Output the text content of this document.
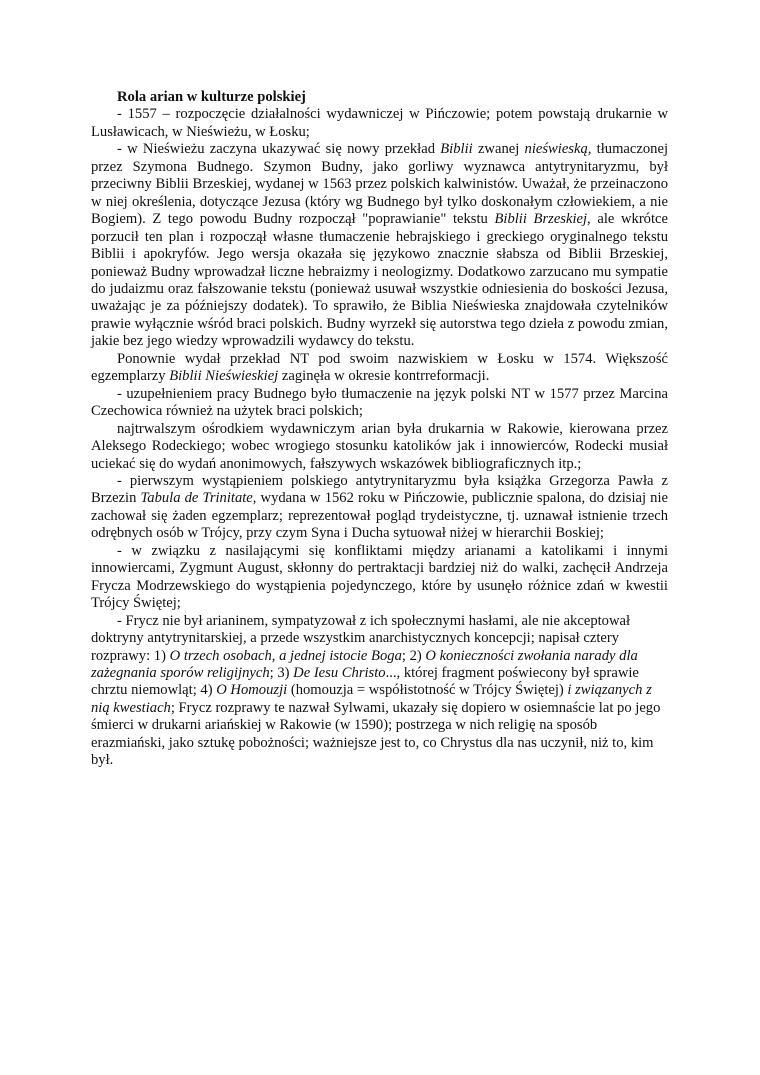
Rola arian w kulturze polskiej

- 1557 – rozpoczęcie działalności wydawniczej w Pińczowie; potem powstają drukarnie w Lusławicach, w Nieświeżu, w Łosku;

- w Nieświeżu zaczyna ukazywać się nowy przekład Biblii zwanej nieświeską, tłumaczonej przez Szymona Budnego. Szymon Budny, jako gorliwy wyznawca antytrynitaryzmu, był przeciwny Biblii Brzeskiej, wydanej w 1563 przez polskich kalwinistów. Uważał, że przeinaczono w niej określenia, dotyczące Jezusa (który wg Budnego był tylko doskonałym człowiekiem, a nie Bogiem). Z tego powodu Budny rozpoczął "poprawianie" tekstu Biblii Brzeskiej, ale wkrótce porzucił ten plan i rozpoczął własne tłumaczenie hebrajskiego i greckiego oryginalnego tekstu Biblii i apokryfów. Jego wersja okazała się językowo znacznie słabsza od Biblii Brzeskiej, ponieważ Budny wprowadzał liczne hebraizmy i neologizmy. Dodatkowo zarzucano mu sympatie do judaizmu oraz fałszowanie tekstu (ponieważ usuwał wszystkie odniesienia do boskości Jezusa, uważając je za późniejszy dodatek). To sprawiło, że Biblia Nieświeska znajdowała czytelników prawie wyłącznie wśród braci polskich. Budny wyrzekł się autorstwa tego dzieła z powodu zmian, jakie bez jego wiedzy wprowadzili wydawcy do tekstu.

Ponownie wydał przekład NT pod swoim nazwiskiem w Łosku w 1574. Większość egzemplarzy Biblii Nieświeskiej zaginęła w okresie kontrreformacji.

- uzupełnieniem pracy Budnego było tłumaczenie na język polski NT w 1577 przez Marcina Czechowica również na użytek braci polskich;

najtrwalszym ośrodkiem wydawniczym arian była drukarnia w Rakowie, kierowana przez Aleksego Rodeckiego; wobec wrogiego stosunku katolików jak i innowierców, Rodecki musiał uciekać się do wydań anonimowych, fałszywych wskazówek bibliograficznych itp.;

- pierwszym wystąpieniem polskiego antytrynitaryzmu była książka Grzegorza Pawła z Brzezin Tabula de Trinitate, wydana w 1562 roku w Pińczowie, publicznie spalona, do dzisiaj nie zachował się żaden egzemplarz; reprezentował pogląd trydeistyczne, tj. uznawał istnienie trzech odrębnych osób w Trójcy, przy czym Syna i Ducha sytuował niżej w hierarchii Boskiej;

- w związku z nasilającymi się konfliktami między arianami a katolikami i innymi innowiercami, Zygmunt August, skłonny do pertraktacji bardziej niż do walki, zachęcił Andrzeja Frycza Modrzewskiego do wystąpienia pojedynczego, które by usunęło różnice zdań w kwestii Trójcy Świętej;

- Frycz nie był arianinem, sympatyzował z ich społecznymi hasłami, ale nie akceptował doktryny antytrynitarskiej, a przede wszystkim anarchistycznych koncepcji; napisał cztery rozprawy: 1) O trzech osobach, a jednej istocie Boga; 2) O konieczności zwołania narady dla zażegnania sporów religijnych; 3) De Iesu Christo..., której fragment poświecony był sprawie chrztu niemowląt; 4) O Homouzji (homouzja = współistotność w Trójcy Świętej) i związanych z nią kwestiach; Frycz rozprawy te nazwał Sylwami, ukazały się dopiero w osiemnaście lat po jego śmierci w drukarni ariańskiej w Rakowie (w 1590); postrzega w nich religię na sposób erazmiański, jako sztukę pobożności; ważniejsze jest to, co Chrystus dla nas uczynił, niż to, kim był.
